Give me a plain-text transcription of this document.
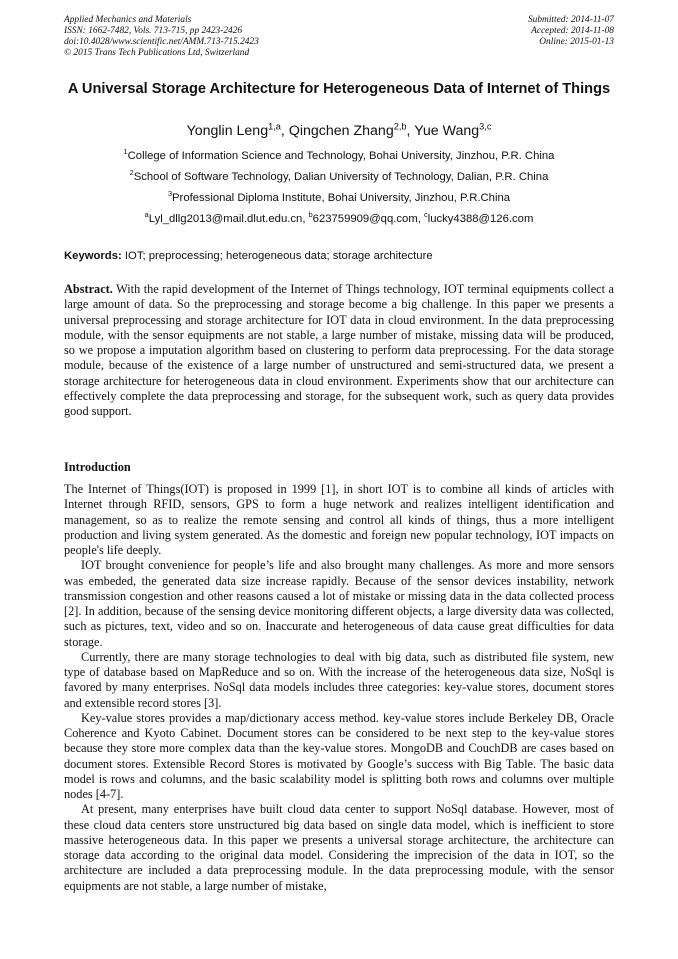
Applied Mechanics and Materials
ISSN: 1662-7482, Vols. 713-715, pp 2423-2426
doi:10.4028/www.scientific.net/AMM.713-715.2423
© 2015 Trans Tech Publications Ltd, Switzerland
Submitted: 2014-11-07
Accepted: 2014-11-08
Online: 2015-01-13
A Universal Storage Architecture for Heterogeneous Data of Internet of Things
Yonglin Leng$^{1,a}$, Qingchen Zhang$^{2,b}$, Yue Wang$^{3,c}$
$^1$College of Information Science and Technology, Bohai University, Jinzhou, P.R. China
$^2$School of Software Technology, Dalian University of Technology, Dalian, P.R. China
$^3$Professional Diploma Institute, Bohai University, Jinzhou, P.R.China
$^a$Lyl_dllg2013@mail.dlut.edu.cn, $^b$623759909@qq.com, $^c$lucky4388@126.com
Keywords: IOT; preprocessing; heterogeneous data; storage architecture
Abstract. With the rapid development of the Internet of Things technology, IOT terminal equipments collect a large amount of data. So the preprocessing and storage become a big challenge. In this paper we presents a universal preprocessing and storage architecture for IOT data in cloud environment. In the data preprocessing module, with the sensor equipments are not stable, a large number of mistake, missing data will be produced, so we propose a imputation algorithm based on clustering to perform data preprocessing. For the data storage module, because of the existence of a large number of unstructured and semi-structured data, we present a storage architecture for heterogeneous data in cloud environment. Experiments show that our architecture can effectively complete the data preprocessing and storage, for the subsequent work, such as query data provides good support.
Introduction

The Internet of Things(IOT) is proposed in 1999 [1], in short IOT is to combine all kinds of articles with Internet through RFID, sensors, GPS to form a huge network and realizes intelligent identification and management, so as to realize the remote sensing and control all kinds of things, thus a more intelligent production and living system generated. As the domestic and foreign new popular technology, IOT impacts on people's life deeply.

IOT brought convenience for people’s life and also brought many challenges. As more and more sensors was embeded, the generated data size increase rapidly. Because of the sensor devices instability, network transmission congestion and other reasons caused a lot of mistake or missing data in the data collected process [2]. In addition, because of the sensing device monitoring different objects, a large diversity data was collected, such as pictures, text, video and so on. Inaccurate and heterogeneous of data cause great difficulties for data storage.

Currently, there are many storage technologies to deal with big data, such as distributed file system, new type of database based on MapReduce and so on. With the increase of the heterogeneous data size, NoSql is favored by many enterprises. NoSql data models includes three categories: key-value stores, document stores and extensible record stores [3].

Key-value stores provides a map/dictionary access method. key-value stores include Berkeley DB, Oracle Coherence and Kyoto Cabinet. Document stores can be considered to be next step to the key-value stores because they store more complex data than the key-value stores. MongoDB and CouchDB are cases based on document stores. Extensible Record Stores is motivated by Google’s success with Big Table. The basic data model is rows and columns, and the basic scalability model is splitting both rows and columns over multiple nodes [4-7].

At present, many enterprises have built cloud data center to support NoSql database. However, most of these cloud data centers store unstructured big data based on single data model, which is inefficient to store massive heterogeneous data. In this paper we presents a universal storage architecture, the architecture can storage data according to the original data model. Considering the imprecision of the data in IOT, so the architecture are included a data preprocessing module. In the data preprocessing module, with the sensor equipments are not stable, a large number of mistake,
